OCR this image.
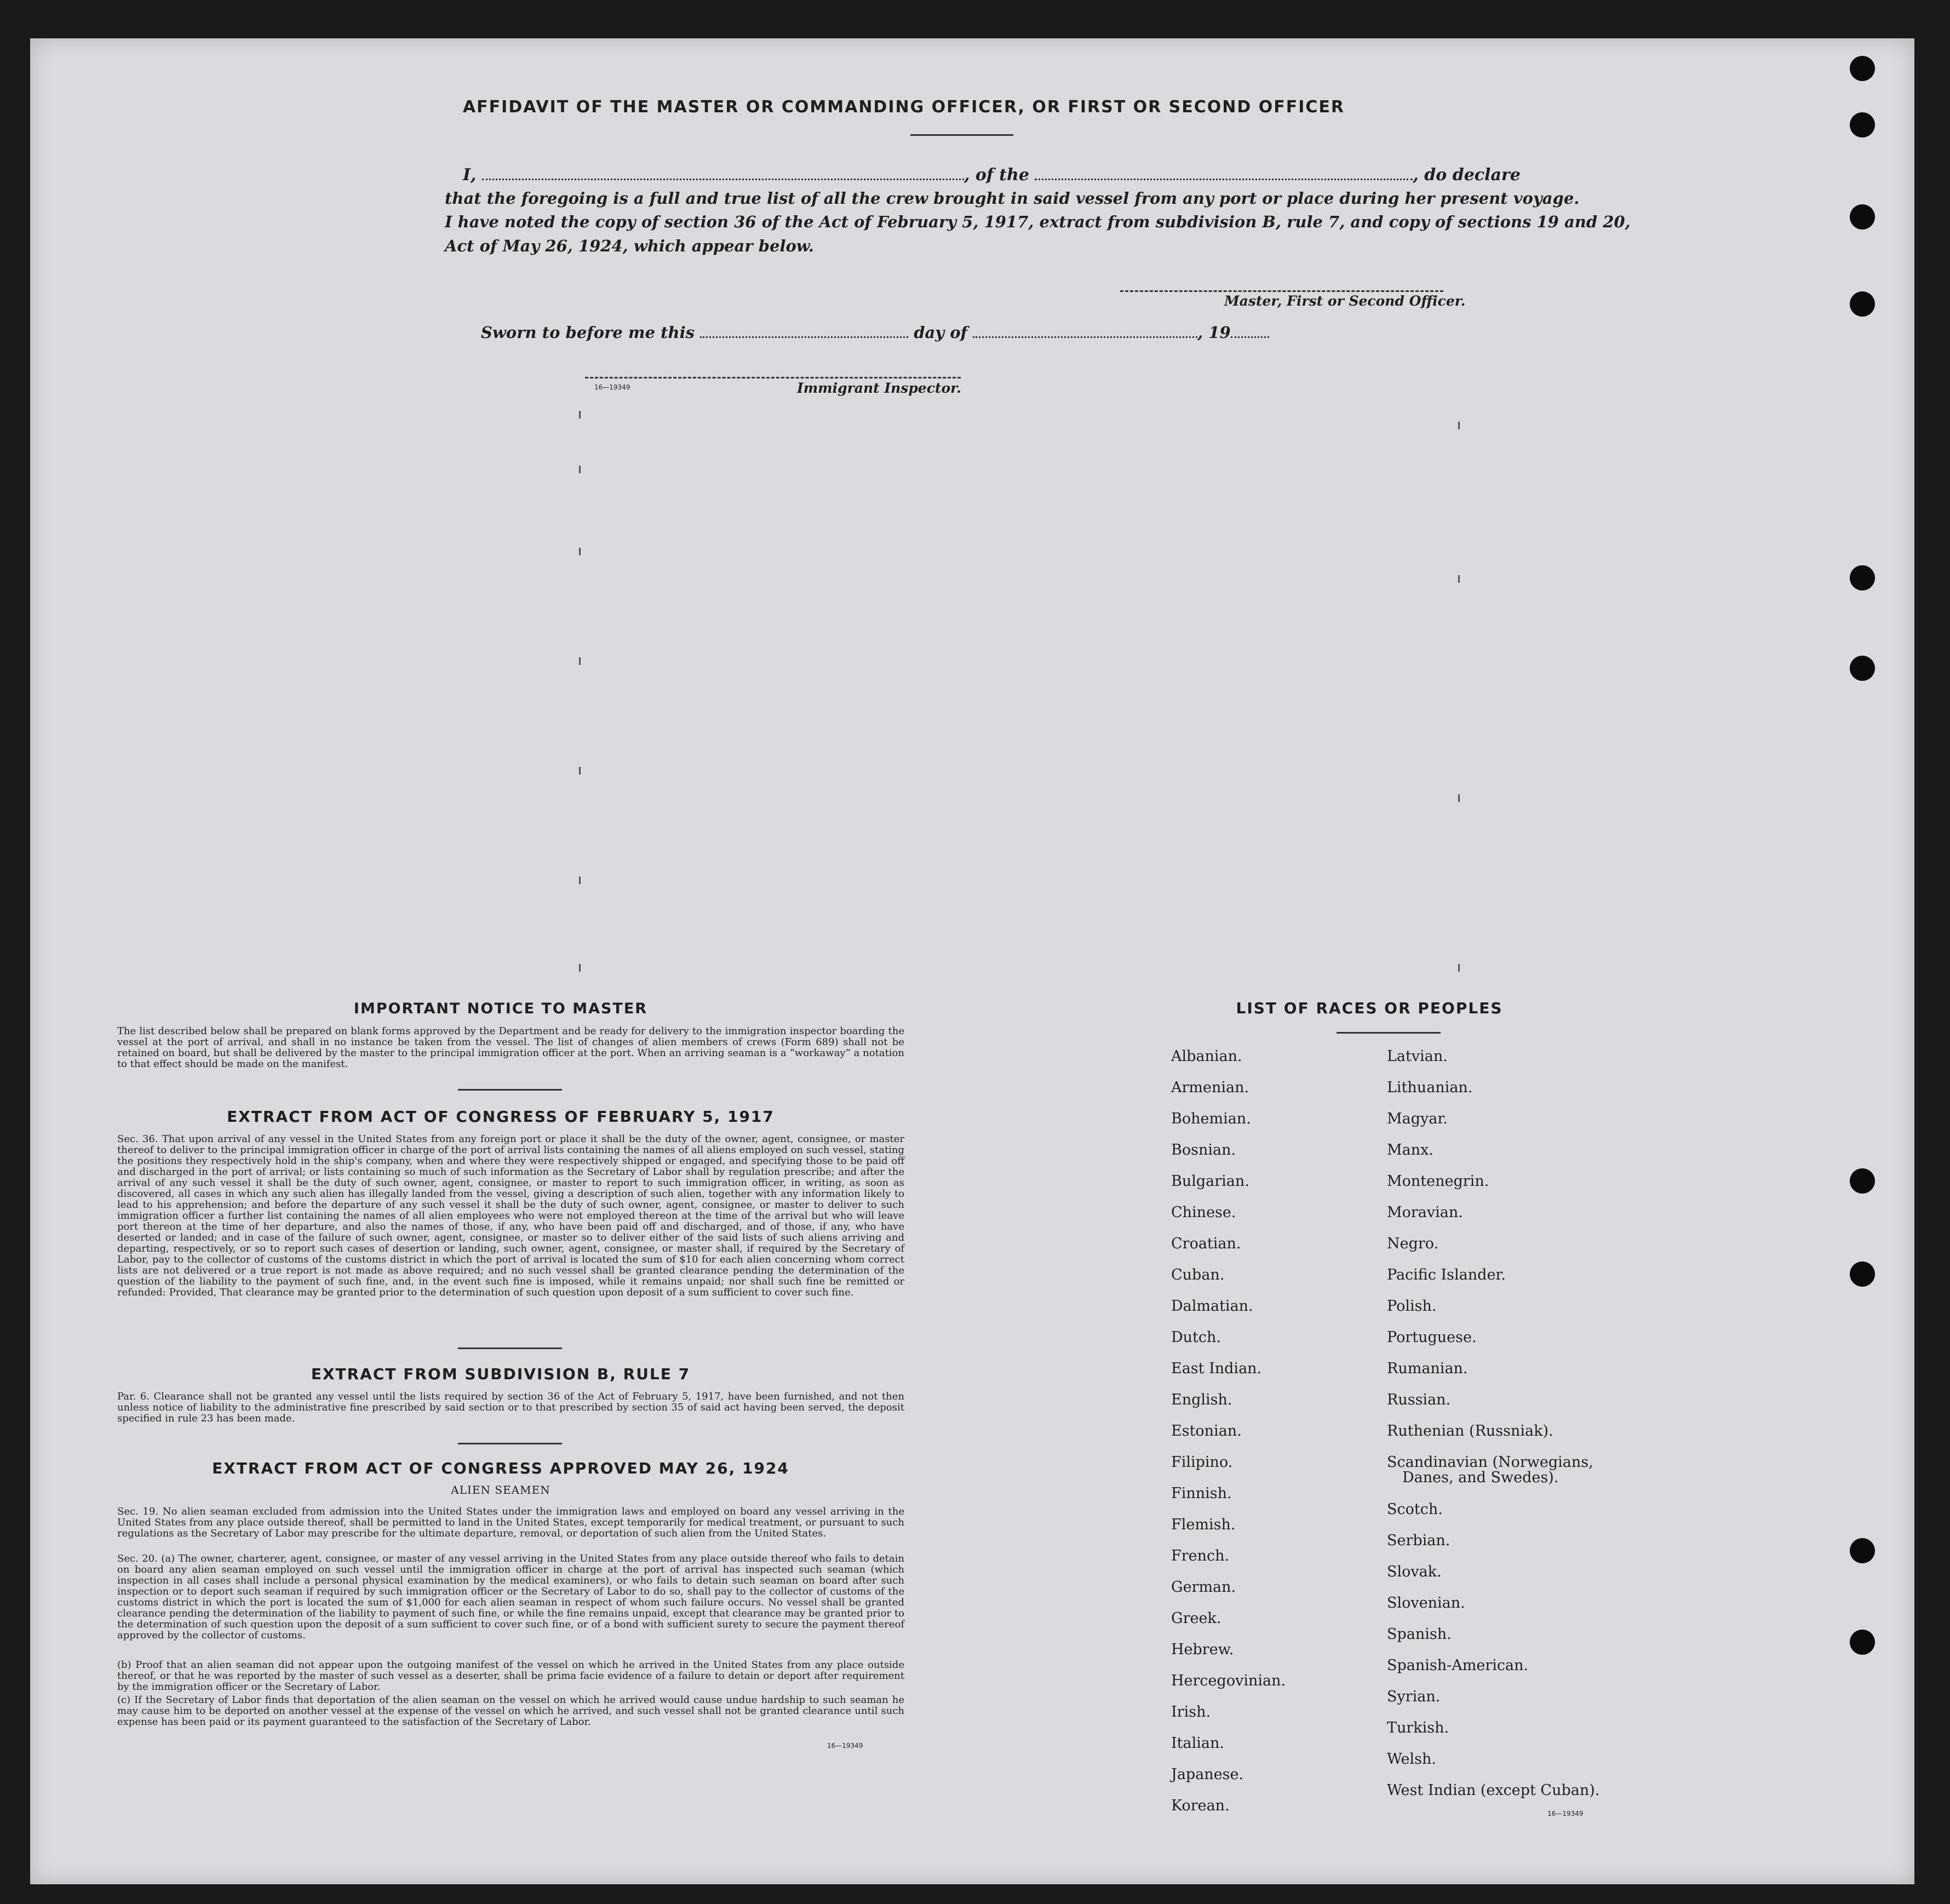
AFFIDAVIT OF THE MASTER OR COMMANDING OFFICER, OR FIRST OR SECOND OFFICER
I,	, of the	, do declare
that the foregoing is a full and true list of all the crew brought in said vessel from any port or place during her present voyage.
I have noted the copy of section 36 of the Act of February 5, 1917, extract from subdivision B, rule 7, and copy of sections 19 and 20,
Act of May 26, 1924, which appear below.
Master, First or Second Officer.
Sworn to before me this	day of	, 19
16—19349	Immigrant Inspector.
IMPORTANT NOTICE TO MASTER
The list described below shall be prepared on blank forms approved by the Department and be ready for delivery to the immigration inspector boarding the vessel at the port of arrival, and shall in no instance be taken from the vessel. The list of changes of alien members of crews (Form 689) shall not be retained on board, but shall be delivered by the master to the principal immigration officer at the port. When an arriving seaman is a “workaway” a notation to that effect should be made on the manifest.
EXTRACT FROM ACT OF CONGRESS OF FEBRUARY 5, 1917
Sec. 36. That upon arrival of any vessel in the United States from any foreign port or place it shall be the duty of the owner, agent, consignee, or master thereof to deliver to the principal immigration officer in charge of the port of arrival lists containing the names of all aliens employed on such vessel, stating the positions they respectively hold in the ship's company, when and where they were respectively shipped or engaged, and specifying those to be paid off and discharged in the port of arrival; or lists containing so much of such information as the Secretary of Labor shall by regulation prescribe; and after the arrival of any such vessel it shall be the duty of such owner, agent, consignee, or master to report to such immigration officer, in writing, as soon as discovered, all cases in which any such alien has illegally landed from the vessel, giving a description of such alien, together with any information likely to lead to his apprehension; and before the departure of any such vessel it shall be the duty of such owner, agent, consignee, or master to deliver to such immigration officer a further list containing the names of all alien employees who were not employed thereon at the time of the arrival but who will leave port thereon at the time of her departure, and also the names of those, if any, who have been paid off and discharged, and of those, if any, who have deserted or landed; and in case of the failure of such owner, agent, consignee, or master so to deliver either of the said lists of such aliens arriving and departing, respectively, or so to report such cases of desertion or landing, such owner, agent, consignee, or master shall, if required by the Secretary of Labor, pay to the collector of customs of the customs district in which the port of arrival is located the sum of $10 for each alien concerning whom correct lists are not delivered or a true report is not made as above required; and no such vessel shall be granted clearance pending the determination of the question of the liability to the payment of such fine, and, in the event such fine is imposed, while it remains unpaid; nor shall such fine be remitted or refunded: Provided, That clearance may be granted prior to the determination of such question upon deposit of a sum sufficient to cover such fine.
EXTRACT FROM SUBDIVISION B, RULE 7
Par. 6. Clearance shall not be granted any vessel until the lists required by section 36 of the Act of February 5, 1917, have been furnished, and not then unless notice of liability to the administrative fine prescribed by said section or to that prescribed by section 35 of said act having been served, the deposit specified in rule 23 has been made.
EXTRACT FROM ACT OF CONGRESS APPROVED MAY 26, 1924
ALIEN SEAMEN
Sec. 19. No alien seaman excluded from admission into the United States under the immigration laws and employed on board any vessel arriving in the United States from any place outside thereof, shall be permitted to land in the United States, except temporarily for medical treatment, or pursuant to such regulations as the Secretary of Labor may prescribe for the ultimate departure, removal, or deportation of such alien from the United States.
Sec. 20. (a) The owner, charterer, agent, consignee, or master of any vessel arriving in the United States from any place outside thereof who fails to detain on board any alien seaman employed on such vessel until the immigration officer in charge at the port of arrival has inspected such seaman (which inspection in all cases shall include a personal physical examination by the medical examiners), or who fails to detain such seaman on board after such inspection or to deport such seaman if required by such immigration officer or the Secretary of Labor to do so, shall pay to the collector of customs of the customs district in which the port is located the sum of $1,000 for each alien seaman in respect of whom such failure occurs. No vessel shall be granted clearance pending the determination of the liability to payment of such fine, or while the fine remains unpaid, except that clearance may be granted prior to the determination of such question upon the deposit of a sum sufficient to cover such fine, or of a bond with sufficient surety to secure the payment thereof approved by the collector of customs.
(b) Proof that an alien seaman did not appear upon the outgoing manifest of the vessel on which he arrived in the United States from any place outside thereof, or that he was reported by the master of such vessel as a deserter, shall be prima facie evidence of a failure to detain or deport after requirement by the immigration officer or the Secretary of Labor.
(c) If the Secretary of Labor finds that deportation of the alien seaman on the vessel on which he arrived would cause undue hardship to such seaman he may cause him to be deported on another vessel at the expense of the vessel on which he arrived, and such vessel shall not be granted clearance until such expense has been paid or its payment guaranteed to the satisfaction of the Secretary of Labor.
16—19349
LIST OF RACES OR PEOPLES
Albanian.
Armenian.
Bohemian.
Bosnian.
Bulgarian.
Chinese.
Croatian.
Cuban.
Dalmatian.
Dutch.
East Indian.
English.
Estonian.
Filipino.
Finnish.
Flemish.
French.
German.
Greek.
Hebrew.
Hercegovinian.
Irish.
Italian.
Japanese.
Korean.
Latvian.
Lithuanian.
Magyar.
Manx.
Montenegrin.
Moravian.
Negro.
Pacific Islander.
Polish.
Portuguese.
Rumanian.
Russian.
Ruthenian (Russniak).
Scandinavian (Norwegians,
Danes, and Swedes).
Scotch.
Serbian.
Slovak.
Slovenian.
Spanish.
Spanish-American.
Syrian.
Turkish.
Welsh.
West Indian (except Cuban).
16—19349
